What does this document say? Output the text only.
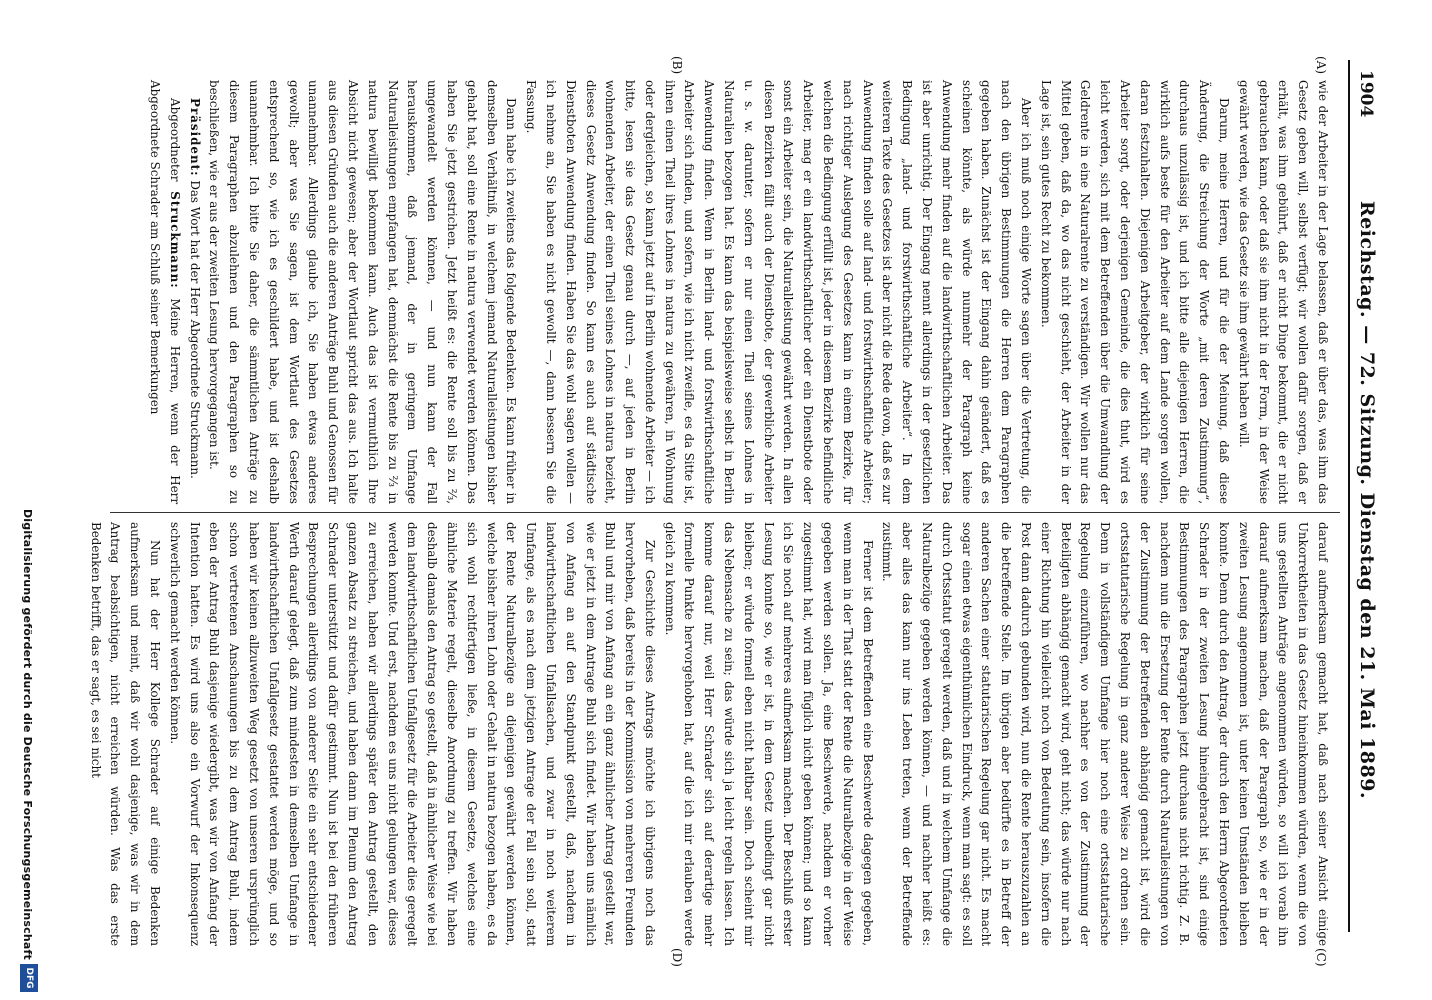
1904
Reichstag. — 72. Sitzung. Dienstag den 21. Mai 1889.
(A)
(B)
(C)
(D)

wie der Arbeiter in der Lage belassen, daß er über das, was ihm das Gesetz geben will, selbst verfügt; wir wollen dafür sorgen, daß er erhält, was ihm gebührt, daß er nicht Dinge bekommt, die er nicht gebrauchen kann, oder daß sie ihm nicht in der Form, in der Weise gewährt werden, wie das Gesetz sie ihm gewährt haben will.

Darum, meine Herren, und für die der Meinung, daß diese Änderung, die Streichung der Worte „mit deren Zustimmung“, durchaus unzulässig ist, und ich bitte alle diejenigen Herren, die wirklich aufs beste für den Arbeiter auf dem Lande sorgen wollen, daran festzuhalten. Diejenigen Arbeitgeber, der wirklich für seine Arbeiter sorgt, oder derjenigen Gemeinde, die dies thut, wird es leicht werden, sich mit dem Betreffenden über die Umwandlung der Geldrente in eine Naturalrente zu verständigen. Wir wollen nur das Mittel geben, daß da, wo das nicht geschieht, der Arbeiter in der Lage ist, sein gutes Recht zu bekommen.

Aber ich muß noch einige Worte sagen über die Vertretung, die nach den übrigen Bestimmungen die Herren dem Paragraphen gegeben haben. Zunächst ist der Eingang dahin geändert, daß es scheinen könnte, als würde nunmehr der Paragraph keine Anwendung mehr finden auf die landwirthschaftlichen Arbeiter. Das ist aber unrichtig. Der Eingang nennt allerdings in der gesetzlichen Bedingung „land- und forstwirthschaftliche Arbeiter“. In dem weiteren Texte des Gesetzes ist aber nicht die Rede davon, daß es zur Anwendung finden solle auf land- und forstwirthschaftliche Arbeiter; nach richtiger Auslegung des Gesetzes kann in einem Bezirke, für welchen die Bedingung erfüllt ist, jeder in diesem Bezirke befindliche Arbeiter, mag er ein landwirthschaftlicher oder ein Dienstbote oder sonst ein Arbeiter sein, die Naturalleistung gewährt werden. In allen diesen Bezirken fällt auch der Dienstbote, der gewerbliche Arbeiter u. s. w. darunter, sofern er nur einen Theil seines Lohnes in Naturalien bezogen hat. Es kann das beispielsweise selbst in Berlin Anwendung finden. Wenn in Berlin land- und forstwirthschaftliche Arbeiter sich finden, und sofern, wie ich nicht zweifle, es da Sitte ist, ihnen einen Theil ihres Lohnes in natura zu gewähren, in Wohnung oder dergleichen, so kann jetzt auf in Berlin wohnende Arbeiter — ich bitte, lesen sie das Gesetz genau durch —, auf jeden in Berlin wohnenden Arbeiter, der einen Theil seines Lohnes in natura bezieht, dieses Gesetz Anwendung finden. So kann es auch auf städtische Dienstboten Anwendung finden. Haben Sie das wohl sagen wollen — ich nehme an, Sie haben es nicht gewollt —, dann bessern Sie die Fassung.

Dann habe ich zweitens das folgende Bedenken. Es kann früher in demselben Verhältniß, in welchem jemand Naturalleistungen bisher gehabt hat, soll eine Rente in natura verwendet werden können. Das haben Sie jetzt gestrichen. Jetzt heißt es: die Rente soll bis zu ⅔, umgewandelt werden können, — und nun kann der Fall herauskommen, daß jemand, der in geringem Umfange Naturalleistungen empfangen hat, demnächst die Rente bis zu ⅔ in natura bewilligt bekommen kann. Auch das ist vermuthlich Ihre Absicht nicht gewesen; aber der Wortlaut spricht das aus. Ich halte aus diesen Gründen auch die anderen Anträge Buhl und Genossen für unannehmbar. Allerdings glaube ich, Sie haben etwas anderes gewollt; aber was Sie sagen, ist dem Wortlaut des Gesetzes entsprechend so, wie ich es geschildert habe, und ist deshalb unannehmbar. Ich bitte Sie daher, die sämmtlichen Anträge zu diesem Paragraphen abzulehnen und den Paragraphen so zu beschließen, wie er aus der zweiten Lesung hervorgegangen ist.

Präsident: Das Wort hat der Herr Abgeordnete Struckmann.

Abgeordneter Struckmann: Meine Herren, wenn der Herr Abgeordnete Schrader am Schluß seiner Bemerkungen

darauf aufmerksam gemacht hat, daß nach seiner Ansicht einige Unkorrektheiten in das Gesetz hineinkommen würden, wenn die von uns gestellten Anträge angenommen würden, so will ich vorab ihn darauf aufmerksam machen, daß der Paragraph so, wie er in der zweiten Lesung angenommen ist, unter keinen Umständen bleiben konnte. Denn durch den Antrag, der durch den Herrn Abgeordneten Schrader in der zweiten Lesung hineingebracht ist, sind einige Bestimmungen des Paragraphen jetzt durchaus nicht richtig. Z. B. nachdem nun die Ersetzung der Rente durch Naturalleistungen von der Zustimmung der Betreffenden abhängig gemacht ist, wird die ortsstatutarische Regelung in ganz anderer Weise zu ordnen sein. Denn in vollständigem Umfange hier noch eine ortsstatutarische Regelung einzuführen, wo nachher es von der Zustimmung der Beteiligten abhängig gemacht wird, geht nicht; das würde nur nach einer Richtung hin vielleicht noch von Bedeutung sein, insofern die Post dann dadurch gebunden wird, nun die Rente herauszuzahlen an die betreffende Stelle. Im übrigen aber bedürfte es in Betreff der anderen Sachen einer statutarischen Regelung gar nicht. Es macht sogar einen etwas eigenthümlichen Eindruck, wenn man sagt: es soll durch Ortsstatut geregelt werden, daß und in welchem Umfange die Naturalbezüge gegeben werden können, — und nachher heißt es: aber alles das kann nur ins Leben treten, wenn der Betreffende zustimmt.

Ferner ist dem Betreffenden eine Beschwerde dagegen gegeben, wenn man in der That statt der Rente die Naturalbezüge in der Weise gegeben werden sollen. Ja, eine Beschwerde, nachdem er vorher zugestimmt hat, wird man füglich nicht geben können; und so kann ich Sie noch auf mehreres aufmerksam machen. Der Beschluß erster Lesung konnte so, wie er ist, in dem Gesetz unbedingt gar nicht bleiben; er würde formell eben nicht haltbar sein. Doch scheint mir das Nebensache zu sein; das würde sich ja leicht regeln lassen. Ich komme darauf nur, weil Herr Schrader sich auf derartige mehr formelle Punkte hervorgehoben hat, auf die ich mir erlauben werde gleich zu kommen.

Zur Geschichte dieses Antrags möchte ich übrigens noch das hervorheben, daß bereits in der Kommission von mehreren Freunden Buhl und mir von Anfang an ein ganz ähnlicher Antrag gestellt war, wie er jetzt in dem Antrage Buhl sich findet. Wir haben uns nämlich von Anfang an auf den Standpunkt gestellt, daß, nachdem in landwirthschaftlichen Unfallsachen, und zwar in noch weiterem Umfange, als es nach dem jetzigen Antrage der Fall sein soll, statt der Rente Naturalbezüge an diejenigen gewährt werden können, welche bisher ihren Lohn oder Gehalt in natura bezogen haben, es da sich wohl rechtfertigen ließe, in diesem Gesetze, welches eine ähnliche Materie regelt, dieselbe Anordnung zu treffen. Wir haben deshalb damals den Antrag so gestellt, daß in ähnlicher Weise wie bei dem landwirthschaftlichen Unfallgesetz für die Arbeiter dies geregelt werden konnte. Und erst, nachdem es uns nicht gelungen war, dieses zu erreichen, haben wir allerdings später den Antrag gestellt, den ganzen Absatz zu streichen, und haben dann im Plenum den Antrag Schrader unterstützt und dafür gestimmt. Nun ist bei den früheren Besprechungen allerdings von anderer Seite ein sehr entschiedener Werth darauf gelegt, daß zum mindesten in demselben Umfange in landwirthschaftlichen Unfallgesetz gestattet werden möge, und so haben wir keinen allzuweiten Weg gesetzt von unseren ursprünglich schon vertretenen Anschauungen bis zu dem Antrag Buhl, indem eben der Antrag Buhl dasjenige wiedergibt, was wir von Anfang der Intention hatten. Es wird uns also ein Vorwurf der Inkonsequenz schwerlich gemacht werden können.

Nun hat der Herr Kollege Schrader auf einige Bedenken aufmerksam und meint, daß wir wohl dasjenige, was wir in dem Antrag beabsichtigen, nicht erreichen würden. Was das erste Bedenken betrifft, das er sagt, es sei nicht

Digitalisierung gefördert durch die Deutsche Forschungsgemeinschaft
DFG
